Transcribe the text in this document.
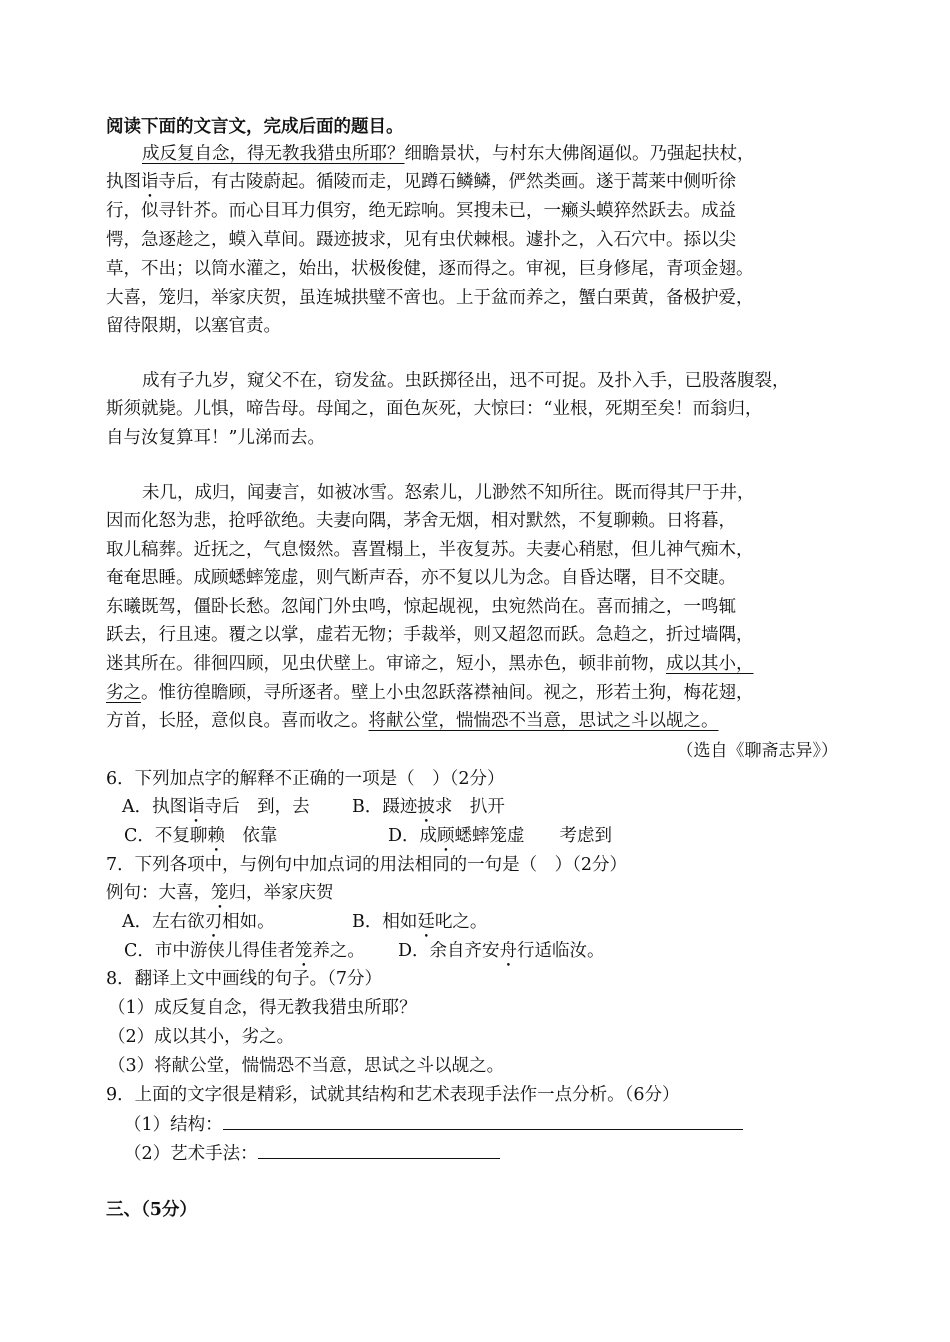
阅读下面的文言文，完成后面的题目。
成反复自念，得无教我猎虫所耶？细瞻景状，与村东大佛阁逼似。乃强起扶杖，
执图诣寺后，有古陵蔚起。循陵而走，见蹲石鳞鳞，俨然类画。遂于蒿莱中侧听徐
行，似寻针芥。而心目耳力俱穷，绝无踪响。冥搜未已，一癞头蟆猝然跃去。成益
愕，急逐趁之，蟆入草间。蹑迹披求，见有虫伏棘根。遽扑之，入石穴中。掭以尖
草，不出；以筒水灌之，始出，状极俊健，逐而得之。审视，巨身修尾，青项金翅。
大喜，笼归，举家庆贺，虽连城拱璧不啻也。上于盆而养之，蟹白栗黄，备极护爱，
留待限期，以塞官责。
成有子九岁，窥父不在，窃发盆。虫跃掷径出，迅不可捉。及扑入手，已股落腹裂，
斯须就毙。儿惧，啼告母。母闻之，面色灰死，大惊曰：“业根，死期至矣！而翁归，
自与汝复算耳！”儿涕而去。
未几，成归，闻妻言，如被冰雪。怒索儿，儿渺然不知所往。既而得其尸于井，
因而化怒为悲，抢呼欲绝。夫妻向隅，茅舍无烟，相对默然，不复聊赖。日将暮，
取儿稿葬。近抚之，气息惙然。喜置榻上，半夜复苏。夫妻心稍慰，但儿神气痴木，
奄奄思睡。成顾蟋蟀笼虚，则气断声吞，亦不复以儿为念。自昏达曙，目不交睫。
东曦既驾，僵卧长愁。忽闻门外虫鸣，惊起觇视，虫宛然尚在。喜而捕之，一鸣辄
跃去，行且速。覆之以掌，虚若无物；手裁举，则又超忽而跃。急趋之，折过墙隅，
迷其所在。徘徊四顾，见虫伏壁上。审谛之，短小，黑赤色，顿非前物，成以其小，
劣之。惟彷徨瞻顾，寻所逐者。壁上小虫忽跃落襟袖间。视之，形若土狗，梅花翅，
方首，长胫，意似良。喜而收之。将献公堂，惴惴恐不当意，思试之斗以觇之。
（选自《聊斋志异》）
6．下列加点字的解释不正确的一项是（　）（2分）
A．执图诣寺后　到，去 B．蹑迹披求　扒开
C．不复聊赖　依靠	D．成顾蟋蟀笼虚　　考虑到
7．下列各项中，与例句中加点词的用法相同的一句是（　）（2分）
例句：大喜，笼归，举家庆贺
A．左右欲刃相如。	B．相如廷叱之。
C．市中游侠儿得佳者笼养之。 D．余自齐安舟行适临汝。
8．翻译上文中画线的句子。（7分）
（1）成反复自念，得无教我猎虫所耶？
（2）成以其小，劣之。
（3）将献公堂，惴惴恐不当意，思试之斗以觇之。
9．上面的文字很是精彩，试就其结构和艺术表现手法作一点分析。（6分）
（1）结构：
（2）艺术手法：
三、（5分）
